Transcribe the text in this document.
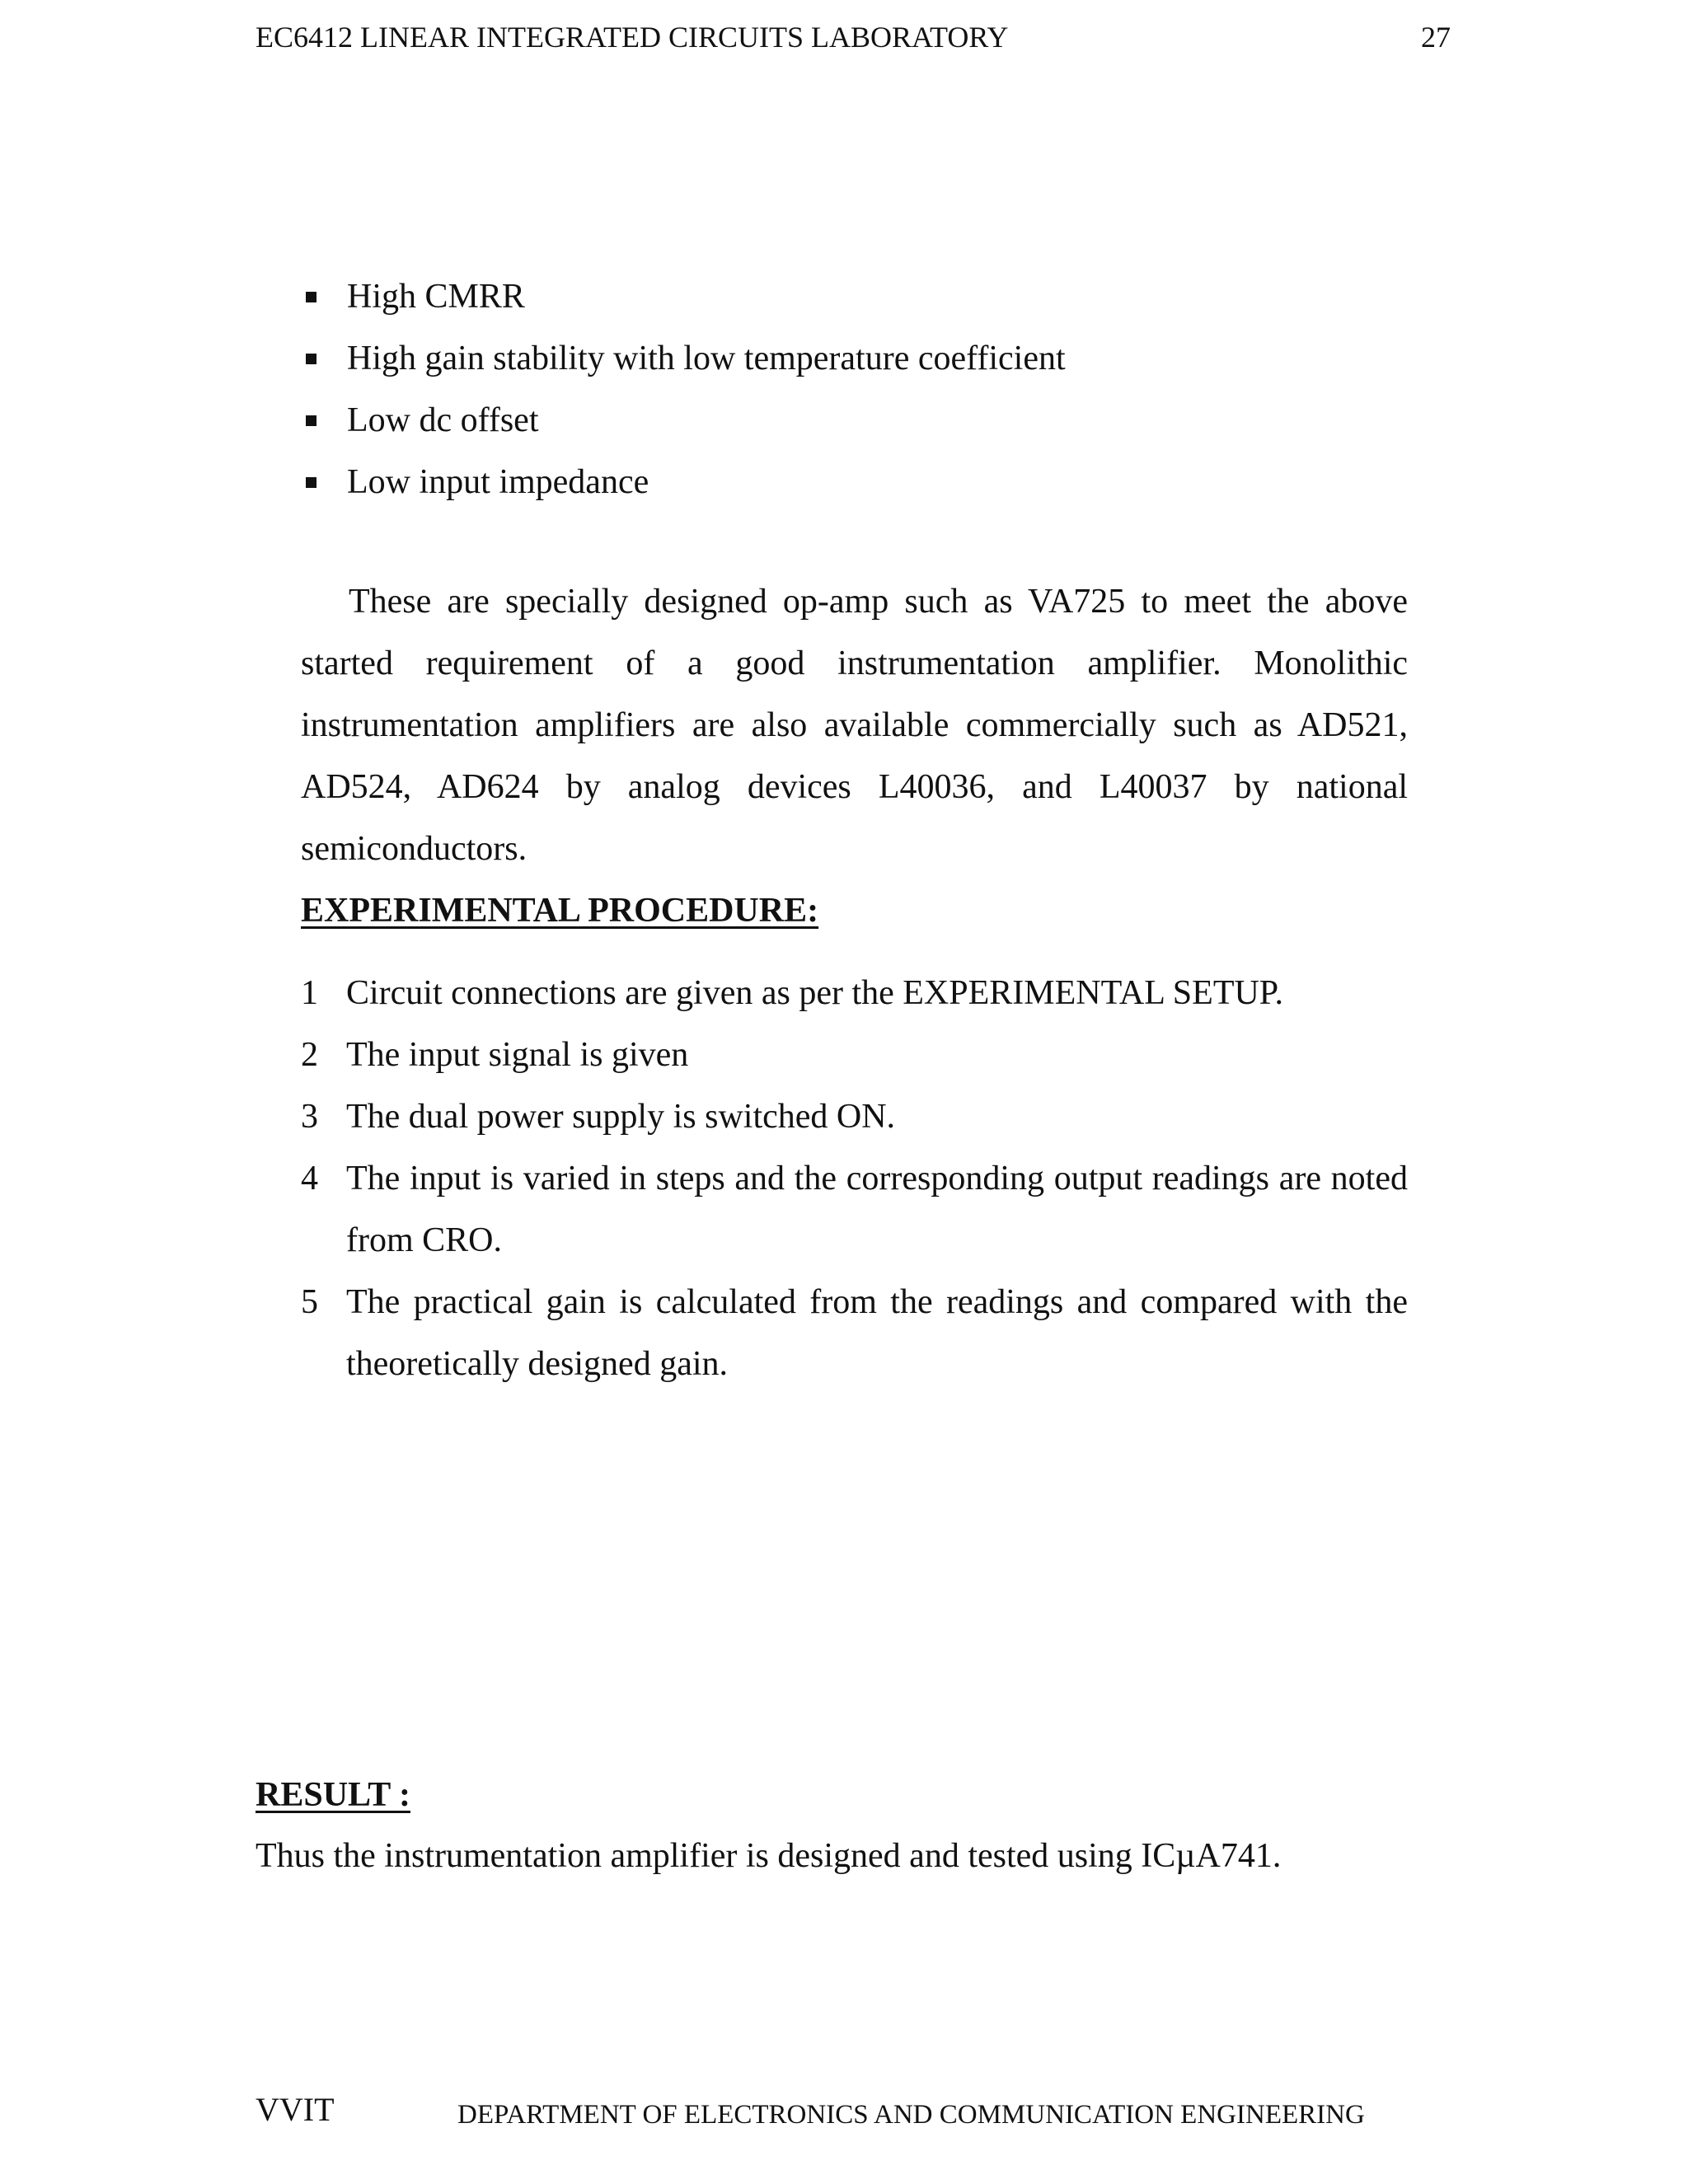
EC6412 LINEAR INTEGRATED CIRCUITS LABORATORY	27
High CMRR
High gain stability with low temperature coefficient
Low dc offset
Low input impedance

These are specially designed op-amp such as VA725 to meet the above started requirement of a good instrumentation amplifier. Monolithic instrumentation amplifiers are also available commercially such as AD521, AD524, AD624 by analog devices L40036, and L40037 by national semiconductors.

EXPERIMENTAL PROCEDURE:
1 Circuit connections are given as per the EXPERIMENTAL SETUP.
2 The input signal is given
3 The dual power supply is switched ON.
4 The input is varied in steps and the corresponding output readings are noted from CRO.
5 The practical gain is calculated from the readings and compared with the theoretically designed gain.
RESULT :

Thus the instrumentation amplifier is designed and tested using ICµA741.

VVIT	DEPARTMENT OF ELECTRONICS AND COMMUNICATION ENGINEERING
